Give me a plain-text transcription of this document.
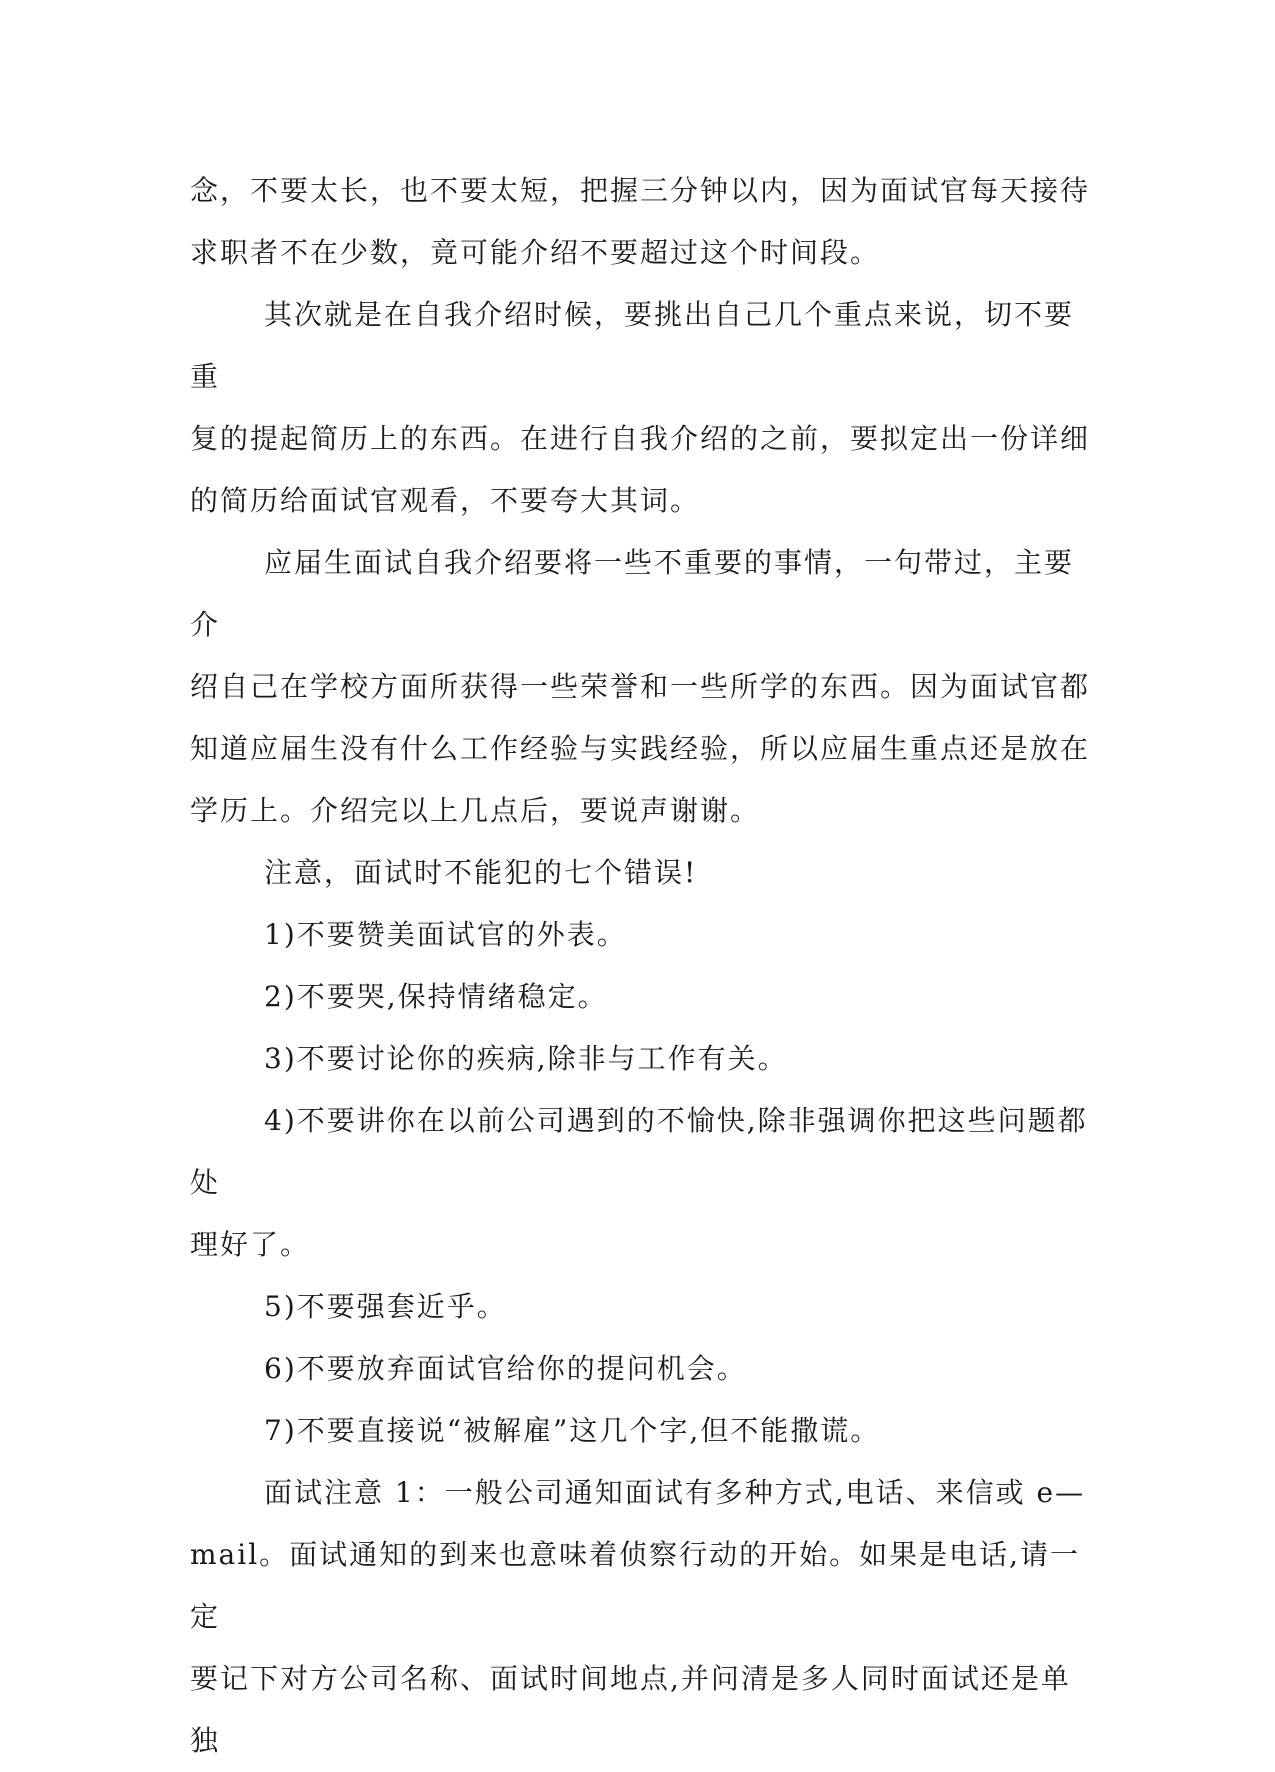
念，不要太长，也不要太短，把握三分钟以内，因为面试官每天接待
求职者不在少数，竟可能介绍不要超过这个时间段。

其次就是在自我介绍时候，要挑出自己几个重点来说，切不要重
复的提起简历上的东西。在进行自我介绍的之前，要拟定出一份详细
的简历给面试官观看，不要夸大其词。

应届生面试自我介绍要将一些不重要的事情，一句带过，主要介
绍自己在学校方面所获得一些荣誉和一些所学的东西。因为面试官都
知道应届生没有什么工作经验与实践经验，所以应届生重点还是放在
学历上。介绍完以上几点后，要说声谢谢。

注意，面试时不能犯的七个错误!

1)不要赞美面试官的外表。

2)不要哭,保持情绪稳定。

3)不要讨论你的疾病,除非与工作有关。

4)不要讲你在以前公司遇到的不愉快,除非强调你把这些问题都处
理好了。

5)不要强套近乎。

6)不要放弃面试官给你的提问机会。

7)不要直接说“被解雇”这几个字,但不能撒谎。

面试注意 1：一般公司通知面试有多种方式,电话、来信或 e—
mail。面试通知的到来也意味着侦察行动的开始。如果是电话,请一定
要记下对方公司名称、面试时间地点,并问清是多人同时面试还是单独
